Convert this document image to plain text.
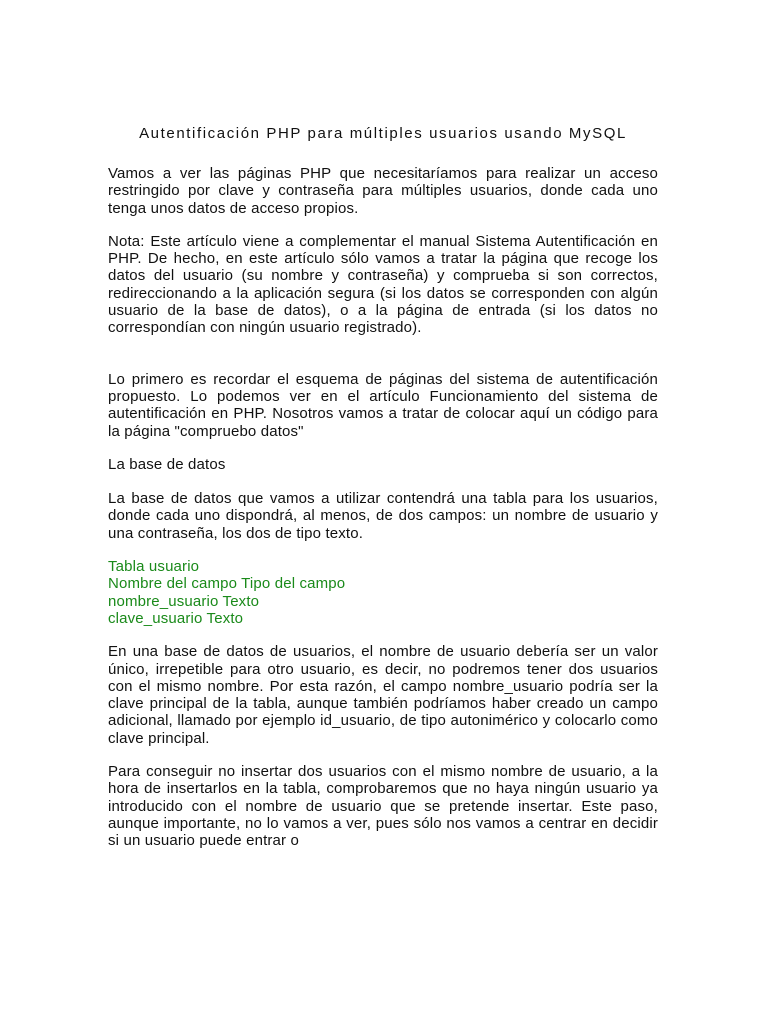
Autentificación PHP para múltiples usuarios usando MySQL

Vamos a ver las páginas PHP que necesitaríamos para realizar un acceso restringido por clave y contraseña para múltiples usuarios, donde cada uno tenga unos datos de acceso propios.

Nota: Este artículo viene a complementar el manual Sistema Autentificación en PHP. De hecho, en este artículo sólo vamos a tratar la página que recoge los datos del usuario (su nombre y contraseña) y comprueba si son correctos, redireccionando a la aplicación segura (si los datos se corresponden con algún usuario de la base de datos), o a la página de entrada (si los datos no correspondían con ningún usuario registrado).

Lo primero es recordar el esquema de páginas del sistema de autentificación propuesto. Lo podemos ver en el artículo Funcionamiento del sistema de autentificación en PHP. Nosotros vamos a tratar de colocar aquí un código para la página "compruebo datos"

La base de datos

La base de datos que vamos a utilizar contendrá una tabla para los usuarios, donde cada uno dispondrá, al menos, de dos campos: un nombre de usuario y una contraseña, los dos de tipo texto.

Tabla usuario
Nombre del campo Tipo del campo
nombre_usuario Texto
clave_usuario Texto

En una base de datos de usuarios, el nombre de usuario debería ser un valor único, irrepetible para otro usuario, es decir, no podremos tener dos usuarios con el mismo nombre. Por esta razón, el campo nombre_usuario podría ser la clave principal de la tabla, aunque también podríamos haber creado un campo adicional, llamado por ejemplo id_usuario, de tipo autonimérico y colocarlo como clave principal.

Para conseguir no insertar dos usuarios con el mismo nombre de usuario, a la hora de insertarlos en la tabla, comprobaremos que no haya ningún usuario ya introducido con el nombre de usuario que se pretende insertar. Este paso, aunque importante, no lo vamos a ver, pues sólo nos vamos a centrar en decidir si un usuario puede entrar o
